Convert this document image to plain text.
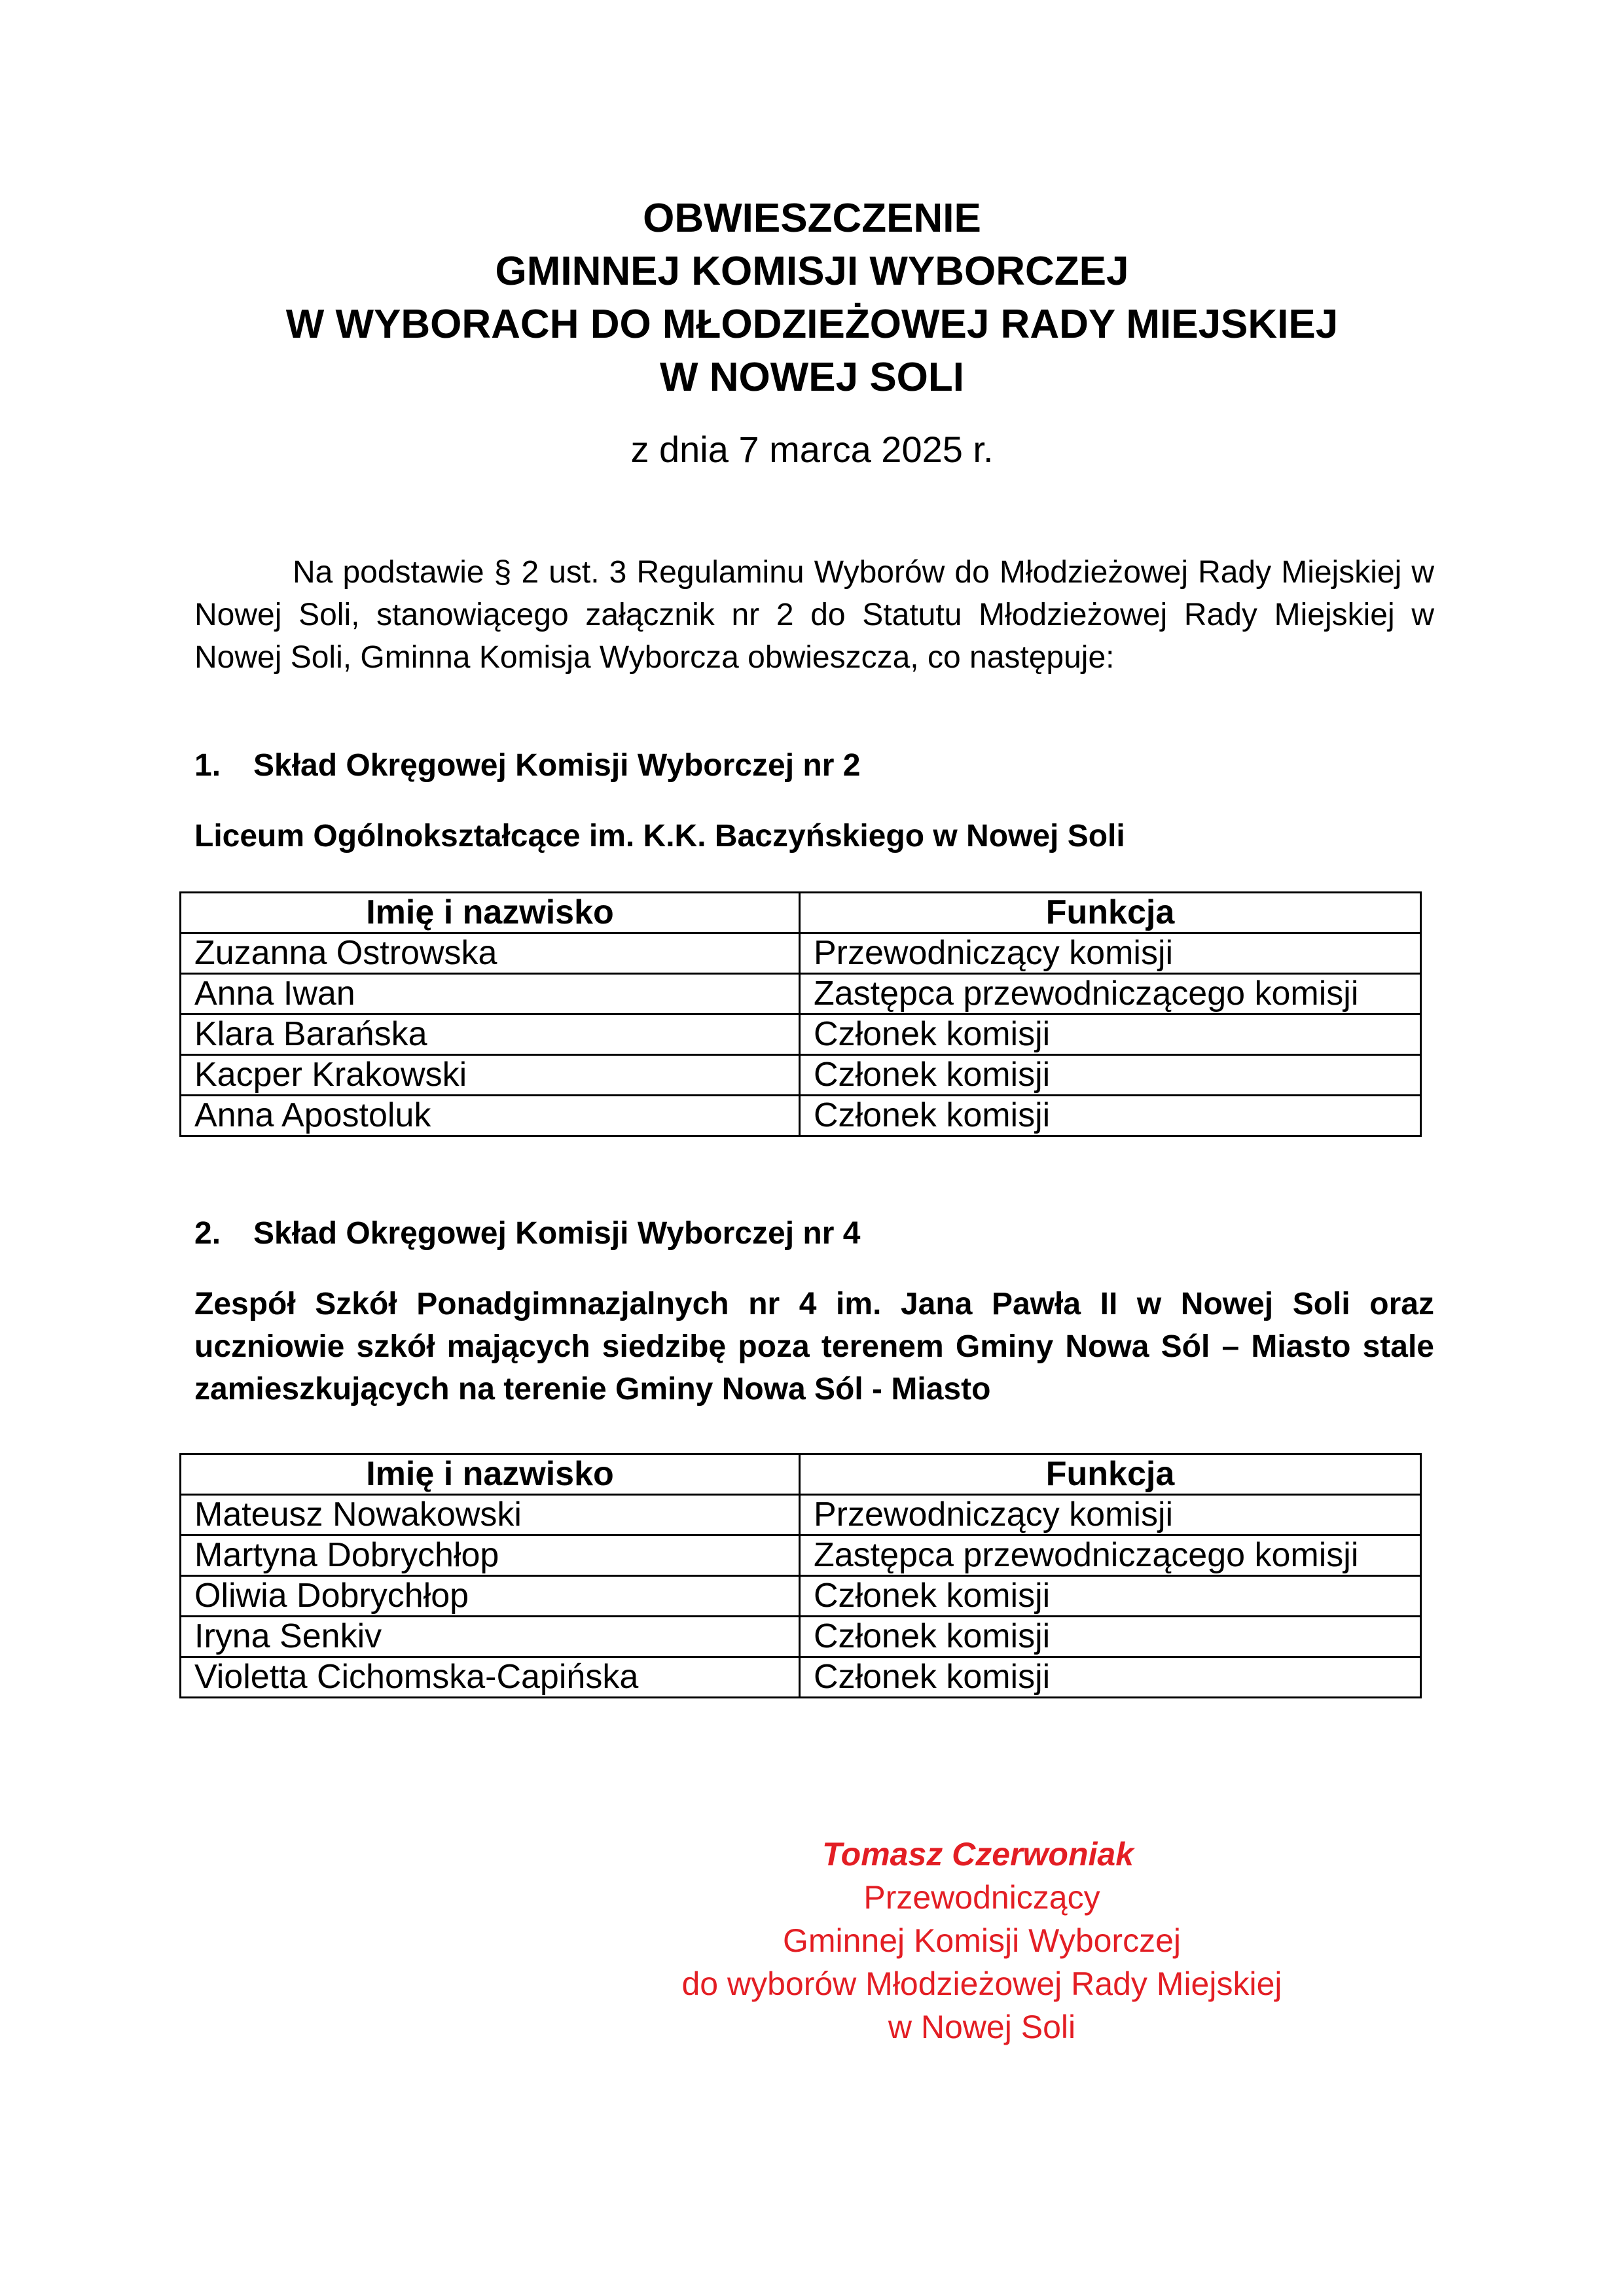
OBWIESZCZENIE
GMINNEJ KOMISJI WYBORCZEJ
W WYBORACH DO MŁODZIEŻOWEJ RADY MIEJSKIEJ
W NOWEJ SOLI
z dnia 7 marca 2025 r.

Na podstawie § 2 ust. 3 Regulaminu Wyborów do Młodzieżowej Rady Miejskiej w Nowej Soli, stanowiącego załącznik nr 2 do Statutu Młodzieżowej Rady Miejskiej w Nowej Soli, Gminna Komisja Wyborcza obwieszcza, co następuje:

1. Skład Okręgowej Komisji Wyborczej nr 2

Liceum Ogólnokształcące im. K.K. Baczyńskiego w Nowej Soli

Imię i nazwisko	Funkcja
Zuzanna Ostrowska	Przewodniczący komisji
Anna Iwan	Zastępca przewodniczącego komisji
Klara Barańska	Członek komisji
Kacper Krakowski	Członek komisji
Anna Apostoluk	Członek komisji
2. Skład Okręgowej Komisji Wyborczej nr 4

Zespół Szkół Ponadgimnazjalnych nr 4 im. Jana Pawła II w Nowej Soli oraz uczniowie szkół mających siedzibę poza terenem Gminy Nowa Sól – Miasto stale zamieszkujących na terenie Gminy Nowa Sól - Miasto

Imię i nazwisko	Funkcja
Mateusz Nowakowski	Przewodniczący komisji
Martyna Dobrychłop	Zastępca przewodniczącego komisji
Oliwia Dobrychłop	Członek komisji
Iryna Senkiv	Członek komisji
Violetta Cichomska-Capińska	Członek komisji
Tomasz Czerwoniak
Przewodniczący
Gminnej Komisji Wyborczej
do wyborów Młodzieżowej Rady Miejskiej
w Nowej Soli
